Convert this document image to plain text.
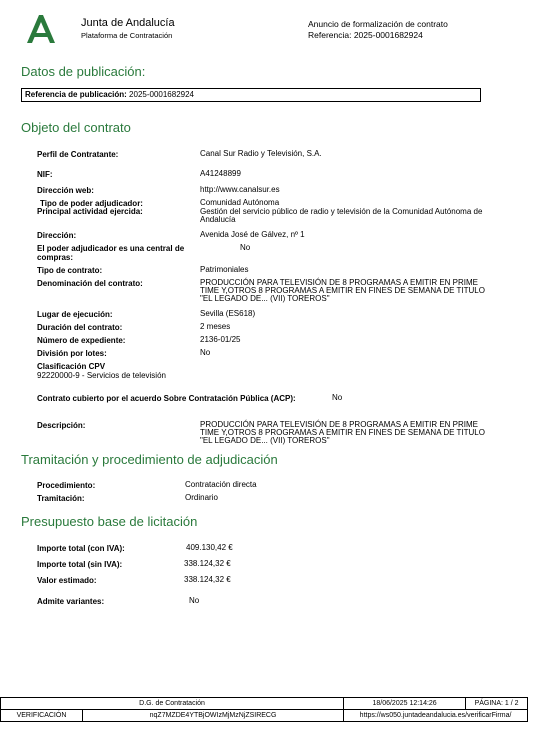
Junta de Andalucía
Plataforma de Contratación
Anuncio de formalización de contrato
Referencia: 2025-0001682924
Datos de publicación:
Referencia de publicación: 2025-0001682924
Objeto del contrato
Perfil de Contratante:	Canal Sur Radio y Televisión, S.A.
NIF:	A41248899
Dirección web:	http://www.canalsur.es
Tipo de poder adjudicador:	Comunidad Autónoma
Principal actividad ejercida:	Gestión del servicio público de radio y televisión de la Comunidad Autónoma de Andalucía
Dirección:	Avenida José de Gálvez, nº 1
El poder adjudicador es una central de compras:
No
Tipo de contrato:	Patrimoniales
Denominación del contrato:	PRODUCCIÓN PARA TELEVISIÓN DE 8 PROGRAMAS A EMITIR EN PRIME TIME Y,OTROS 8 PROGRAMAS A EMITIR EN FINES DE SEMANA DE TITULO "EL LEGADO DE... (VII) TOREROS"
Lugar de ejecución:	Sevilla (ES618)
Duración del contrato:	2 meses
Número de expediente:	2136-01/25
División por lotes:	No
Clasificación CPV
92220000-9 - Servicios de televisión
Contrato cubierto por el acuerdo Sobre Contratación Pública (ACP):	No
Descripción:	PRODUCCIÓN PARA TELEVISIÓN DE 8 PROGRAMAS A EMITIR EN PRIME TIME Y,OTROS 8 PROGRAMAS A EMITIR EN FINES DE SEMANA DE TITULO "EL LEGADO DE... (VII) TOREROS"
Tramitación y procedimiento de adjudicación
Procedimiento:	Contratación directa
Tramitación:	Ordinario
Presupuesto base de licitación
Importe total (con IVA):	409.130,42 €
Importe total (sin IVA):	338.124,32 €
Valor estimado:	338.124,32 €
Admite variantes:	No
D.G. de Contratación		18/06/2025 12:14:26	PÁGINA: 1 / 2
VERIFICACIÓN	nqZ7MZDE4YTBjOWIzMjMzNjZSIRECG	https://ws050.juntadeandalucia.es/verificarFirma/	
